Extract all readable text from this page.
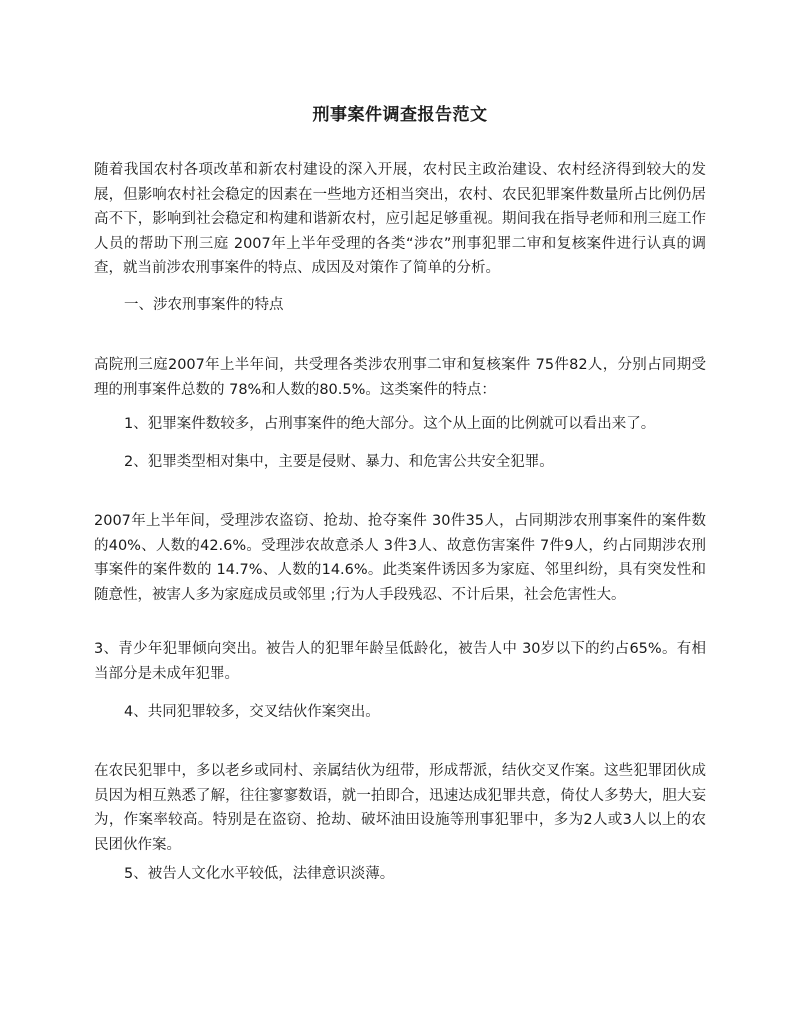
刑事案件调查报告范文
随着我国农村各项改革和新农村建设的深入开展，农村民主政治建设、农村经济得到较大的发展，但影响农村社会稳定的因素在一些地方还相当突出，农村、农民犯罪案件数量所占比例仍居高不下，影响到社会稳定和构建和谐新农村，应引起足够重视。期间我在指导老师和刑三庭工作人员的帮助下刑三庭 2007年上半年受理的各类“涉农”刑事犯罪二审和复核案件进行认真的调查，就当前涉农刑事案件的特点、成因及对策作了简单的分析。
一、涉农刑事案件的特点
高院刑三庭2007年上半年间，共受理各类涉农刑事二审和复核案件 75件82人，分别占同期受理的刑事案件总数的 78%和人数的80.5%。这类案件的特点：
1、犯罪案件数较多，占刑事案件的绝大部分。这个从上面的比例就可以看出来了。
2、犯罪类型相对集中，主要是侵财、暴力、和危害公共安全犯罪。
2007年上半年间，受理涉农盗窃、抢劫、抢夺案件 30件35人，占同期涉农刑事案件的案件数的40%、人数的42.6%。受理涉农故意杀人 3件3人、故意伤害案件 7件9人，约占同期涉农刑事案件的案件数的 14.7%、人数的14.6%。此类案件诱因多为家庭、邻里纠纷，具有突发性和随意性，被害人多为家庭成员或邻里 ;行为人手段残忍、不计后果，社会危害性大。
3、青少年犯罪倾向突出。被告人的犯罪年龄呈低龄化，被告人中 30岁以下的约占65%。有相当部分是未成年犯罪。
4、共同犯罪较多，交叉结伙作案突出。
在农民犯罪中，多以老乡或同村、亲属结伙为纽带，形成帮派，结伙交叉作案。这些犯罪团伙成员因为相互熟悉了解，往往寥寥数语，就一拍即合，迅速达成犯罪共意，倚仗人多势大，胆大妄为，作案率较高。特别是在盗窃、抢劫、破坏油田设施等刑事犯罪中，多为2人或3人以上的农民团伙作案。
5、被告人文化水平较低，法律意识淡薄。
